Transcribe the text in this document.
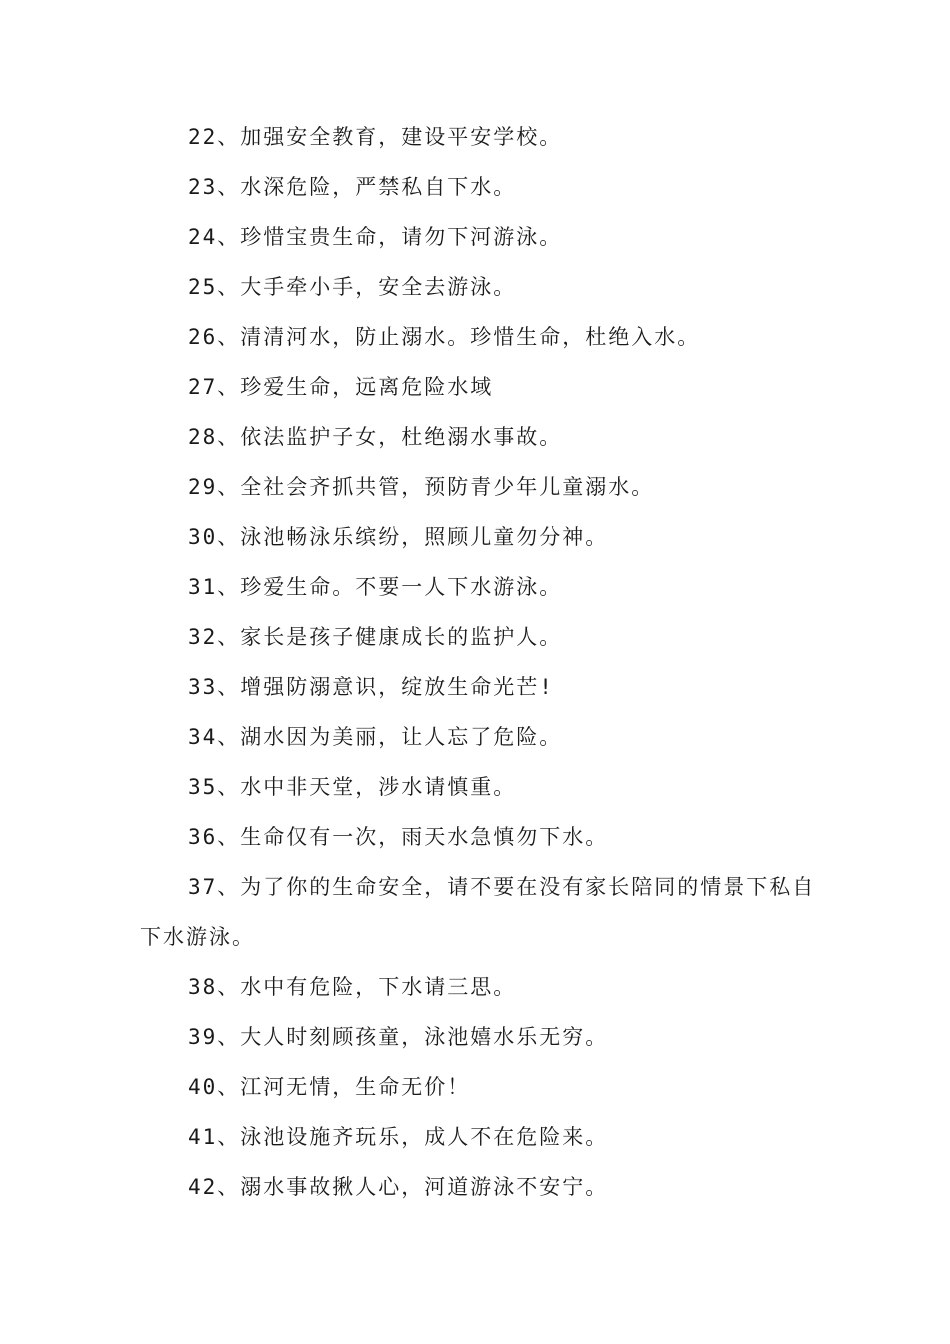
22、加强安全教育，建设平安学校。
23、水深危险，严禁私自下水。
24、珍惜宝贵生命，请勿下河游泳。
25、大手牵小手，安全去游泳。
26、清清河水，防止溺水。珍惜生命，杜绝入水。
27、珍爱生命，远离危险水域
28、依法监护子女，杜绝溺水事故。
29、全社会齐抓共管，预防青少年儿童溺水。
30、泳池畅泳乐缤纷，照顾儿童勿分神。
31、珍爱生命。不要一人下水游泳。
32、家长是孩子健康成长的监护人。
33、增强防溺意识，绽放生命光芒!
34、湖水因为美丽，让人忘了危险。
35、水中非天堂，涉水请慎重。
36、生命仅有一次，雨天水急慎勿下水。
37、为了你的生命安全，请不要在没有家长陪同的情景下私自
下水游泳。
38、水中有危险，下水请三思。
39、大人时刻顾孩童，泳池嬉水乐无穷。
40、江河无情，生命无价！
41、泳池设施齐玩乐，成人不在危险来。
42、溺水事故揪人心，河道游泳不安宁。
